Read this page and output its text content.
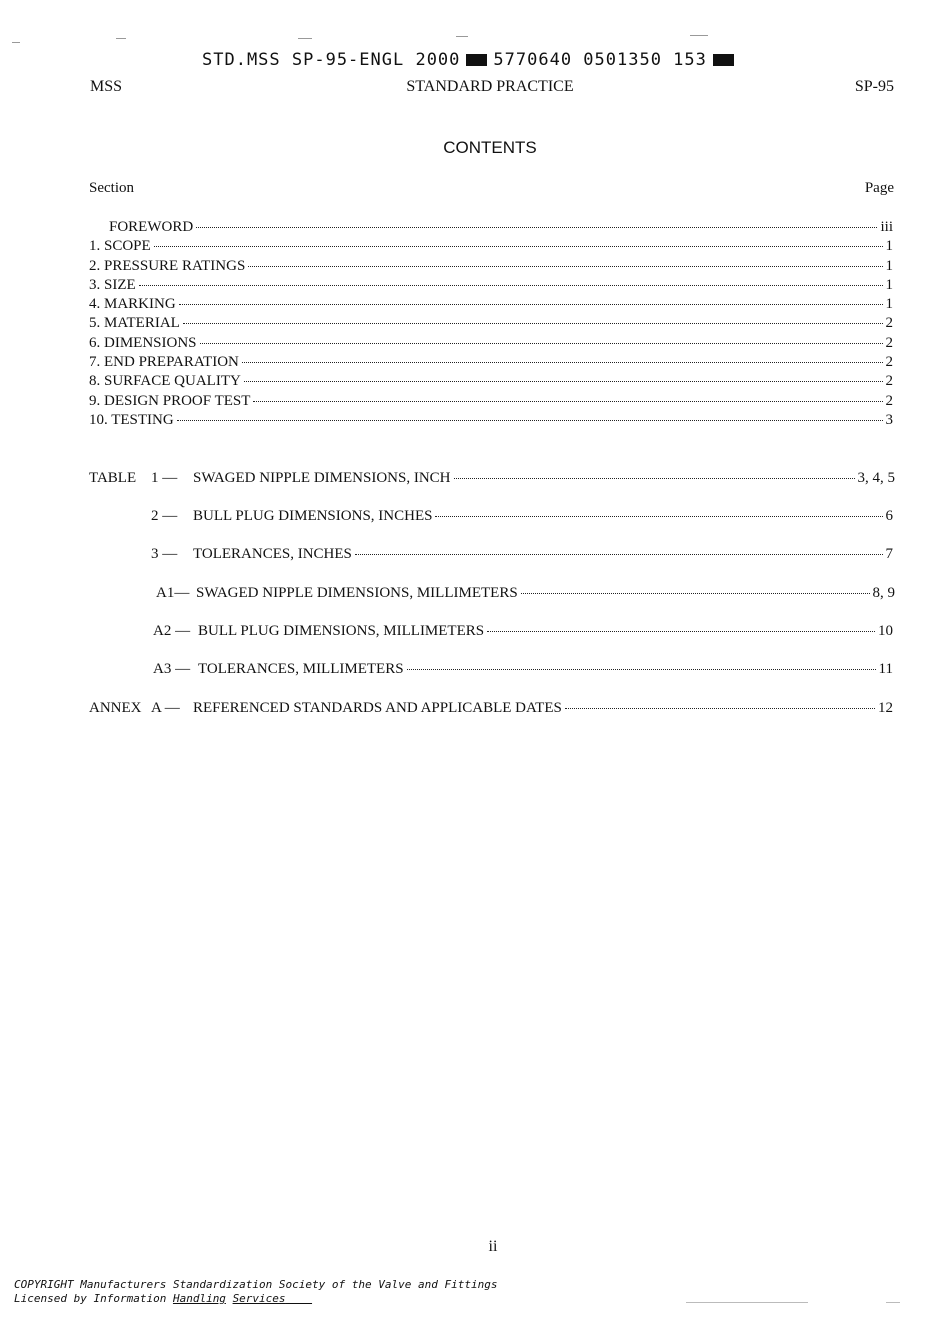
STD.MSS SP-95-ENGL 2000 5770640 0501350 153
MSS	STANDARD PRACTICE	SP-95
CONTENTS
Section	Page
FOREWORD	iii
1. SCOPE	1
2. PRESSURE RATINGS	1
3. SIZE	1
4. MARKING	1
5. MATERIAL	2
6. DIMENSIONS	2
7. END PREPARATION	2
8. SURFACE QUALITY	2
9. DESIGN PROOF TEST	2
10. TESTING	3
TABLE 1 —	SWAGED NIPPLE DIMENSIONS, INCH	3, 4, 5
2 —	BULL PLUG DIMENSIONS, INCHES	6
3 —	TOLERANCES, INCHES	7
A1— SWAGED NIPPLE DIMENSIONS, MILLIMETERS	8, 9
A2 — BULL PLUG DIMENSIONS, MILLIMETERS	10
A3 — TOLERANCES, MILLIMETERS	11
ANNEX A — REFERENCED STANDARDS AND APPLICABLE DATES	12
ii
COPYRIGHT Manufacturers Standardization Society of the Valve and Fittings
Licensed by Information Handling Services
